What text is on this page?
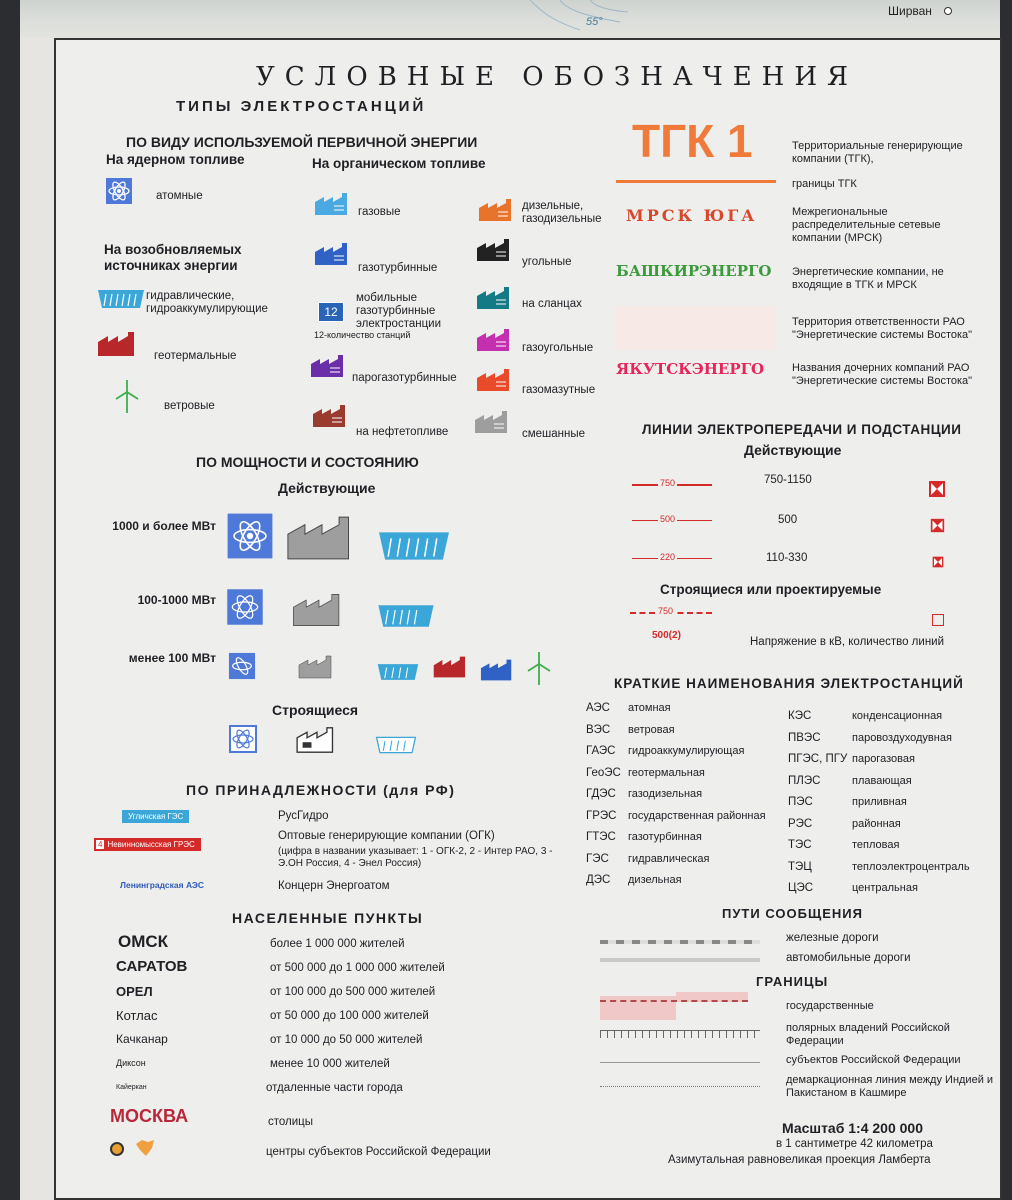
55°
Ширван
УСЛОВНЫЕ ОБОЗНАЧЕНИЯ
ТИПЫ ЭЛЕКТРОСТАНЦИЙ
ПО ВИДУ ИСПОЛЬЗУЕМОЙ ПЕРВИЧНОЙ ЭНЕРГИИ
На ядерном топливе	На органическом топливе
атомные
На возобновляемых источниках энергии
гидравлические, гидроаккумулирующие
геотермальные
ветровые
газовые
газотурбинные
12
мобильные газотурбинные электростанции
12-количество станций
парогазотурбинные
на нефтетопливе
дизельные, газодизельные
угольные
на сланцах
газоугольные
газомазутные
смешанные
ТГК 1	Территориальные генерирующие компании (ТГК),
границы ТГК
МРСК ЮГА	Межрегиональные распределительные сетевые компании (МРСК)
БАШКИРЭНЕРГО Энергетические компании, не входящие в ТГК и МРСК
Территория ответственности РАО "Энергетические системы Востока"
ЯКУТСКЭНЕРГО	Названия дочерних компаний РАО "Энергетические системы Востока"
ПО МОЩНОСТИ И СОСТОЯНИЮ
Действующие
1000 и более МВт
100-1000 МВт
менее 100 МВт
Строящиеся
ЛИНИИ ЭЛЕКТРОПЕРЕДАЧИ И ПОДСТАНЦИИ
Действующие
750	750-1150
500	500
220	110-330
Строящиеся или проектируемые
750
500(2)
Напряжение в кВ, количество линий
КРАТКИЕ НАИМЕНОВАНИЯ ЭЛЕКТРОСТАНЦИЙ
АЭС атомная
ВЭС ветровая
ГАЭС гидроаккумулирующая
ГеоЭС геотермальная
ГДЭС газодизельная
ГРЭС государственная районная
ГТЭС газотурбинная
ГЭС гидравлическая
ДЭС дизельная
КЭС	конденсационная
ПВЭС	паровоздуходувная
ПГЭС, ПГУ парогазовая
ПЛЭС	плавающая
ПЭС	приливная
РЭС	районная
ТЭС	тепловая
ТЭЦ	теплоэлектроцентраль
ЦЭС	центральная
ПО ПРИНАДЛЕЖНОСТИ (для РФ)
Угличская ГЭС	РусГидро
4 Невинномысская ГРЭС
Оптовые генерирующие компании (ОГК)
(цифра в названии указывает: 1 - ОГК-2, 2 - Интер РАО, 3 - Э.ОН Россия, 4 - Энел Россия)
Ленинградская АЭС	Концерн Энергоатом
НАСЕЛЕННЫЕ ПУНКТЫ
ОМСК	более 1 000 000 жителей
САРАТОВ	от 500 000 до 1 000 000 жителей
ОРЕЛ	от 100 000 до 500 000 жителей
Котлас	от 50 000 до 100 000 жителей
Качканар	от 10 000 до 50 000 жителей
Диксон	менее 10 000 жителей
Кайеркан	отдаленные части города
МОСКВА	столицы
центры субъектов Российской Федерации
ПУТИ СООБЩЕНИЯ
железные дороги
автомобильные дороги
ГРАНИЦЫ
государственные
полярных владений Российской Федерации
субъектов Российской Федерации
демаркационная линия между Индией и Пакистаном в Кашмире
Масштаб 1:4 200 000
в 1 сантиметре 42 километра
Азимутальная равновеликая проекция Ламберта
